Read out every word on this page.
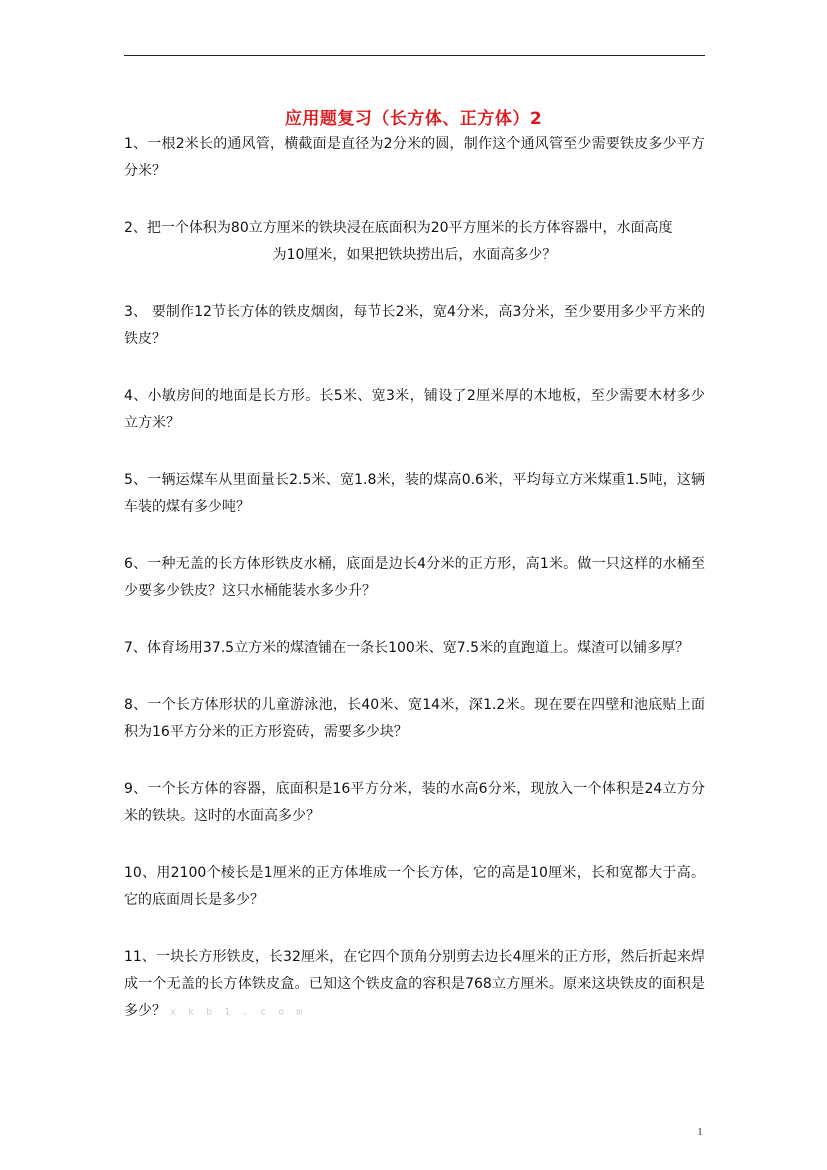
应用题复习（长方体、正方体）2

1、一根2米长的通风管，横截面是直径为2分米的圆，制作这个通风管至少需要铁皮多少平方分米？

2、把一个体积为80立方厘米的铁块浸在底面积为20平方厘米的长方体容器中，水面高度
为10厘米，如果把铁块捞出后，水面高多少？

3、 要制作12节长方体的铁皮烟囱，每节长2米，宽4分米，高3分米，至少要用多少平方米的铁皮？

4、小敏房间的地面是长方形。长5米、宽3米，铺设了2厘米厚的木地板，至少需要木材多少立方米？

5、一辆运煤车从里面量长2.5米、宽1.8米，装的煤高0.6米，平均每立方米煤重1.5吨，这辆车装的煤有多少吨？

6、一种无盖的长方体形铁皮水桶，底面是边长4分米的正方形，高1米。做一只这样的水桶至少要多少铁皮？这只水桶能装水多少升？

7、体育场用37.5立方米的煤渣铺在一条长100米、宽7.5米的直跑道上。煤渣可以铺多厚？

8、一个长方体形状的儿童游泳池，长40米、宽14米，深1.2米。现在要在四壁和池底贴上面积为16平方分米的正方形瓷砖，需要多少块？

9、一个长方体的容器，底面积是16平方分米，装的水高6分米，现放入一个体积是24立方分米的铁块。这时的水面高多少？

10、用2100个棱长是1厘米的正方体堆成一个长方体，它的高是10厘米，长和宽都大于高。它的底面周长是多少？

11、一块长方形铁皮，长32厘米，在它四个顶角分别剪去边长4厘米的正方形，然后折起来焊成一个无盖的长方体铁皮盒。已知这个铁皮盒的容积是768立方厘米。原来这块铁皮的面积是多少？ x k b 1 . c o m

1
